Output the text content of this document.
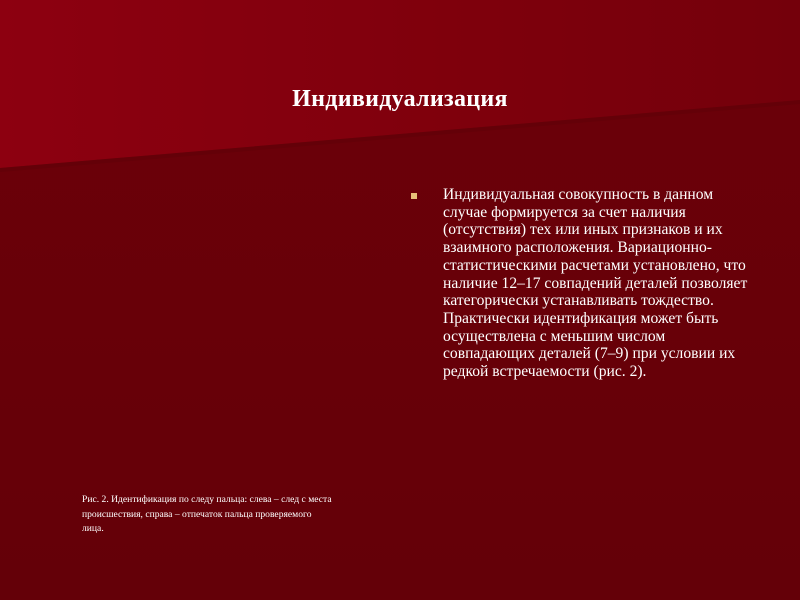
Индивидуализация
Индивидуальная совокупность в данном случае формируется за счет наличия (отсутствия) тех или иных признаков и их взаимного расположения. Вариационно-статистическими расчетами установлено, что наличие 12–17 совпадений деталей позволяет категорически устанавливать тождество. Практически идентификация может быть осуществлена с меньшим числом совпадающих деталей (7–9) при условии их редкой встречаемости (рис. 2).
Рис. 2. Идентификация по следу пальца: слева – след с места происшествия, справа – отпечаток пальца проверяемого лица.
